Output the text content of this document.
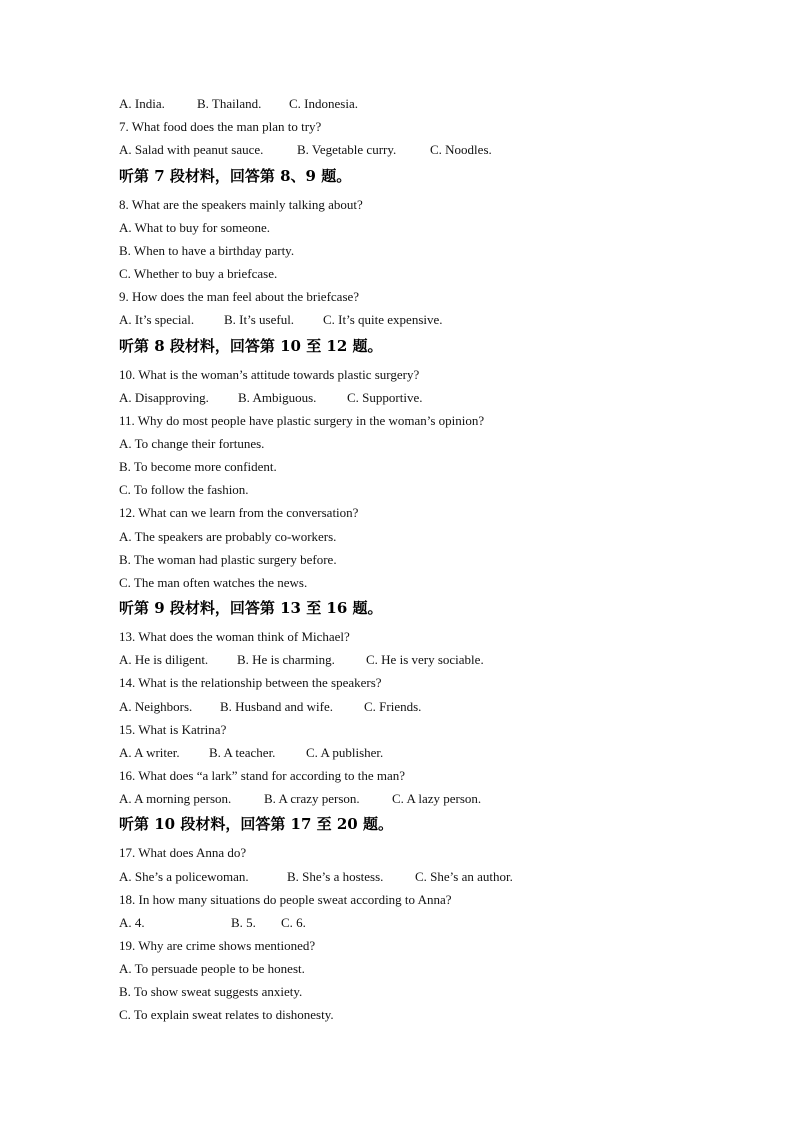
A. India. B. Thailand. C. Indonesia.
7. What food does the man plan to try?
A. Salad with peanut sauce.	B. Vegetable curry.	C. Noodles.
听第 7 段材料，回答第 8、9 题。
8. What are the speakers mainly talking about?
A. What to buy for someone.
B. When to have a birthday party.
C. Whether to buy a briefcase.
9. How does the man feel about the briefcase?
A. It’s special. B. It’s useful. C. It’s quite expensive.
听第 8 段材料，回答第 10 至 12 题。
10. What is the woman’s attitude towards plastic surgery?
A. Disapproving. B. Ambiguous. C. Supportive.
11. Why do most people have plastic surgery in the woman’s opinion?
A. To change their fortunes.
B. To become more confident.
C. To follow the fashion.
12. What can we learn from the conversation?
A. The speakers are probably co-workers.
B. The woman had plastic surgery before.
C. The man often watches the news.
听第 9 段材料，回答第 13 至 16 题。
13. What does the woman think of Michael?
A. He is diligent. B. He is charming. C. He is very sociable.
14. What is the relationship between the speakers?
A. Neighbors. B. Husband and wife. C. Friends.
15. What is Katrina?
A. A writer. B. A teacher. C. A publisher.
16. What does “a lark” stand for according to the man?
A. A morning person.	B. A crazy person. C. A lazy person.
听第 10 段材料，回答第 17 至 20 题。
17. What does Anna do?
A. She’s a policewoman.	B. She’s a hostess. C. She’s an author.
18. In how many situations do people sweat according to Anna?
A. 4.	B. 5. C. 6.
19. Why are crime shows mentioned?
A. To persuade people to be honest.
B. To show sweat suggests anxiety.
C. To explain sweat relates to dishonesty.
